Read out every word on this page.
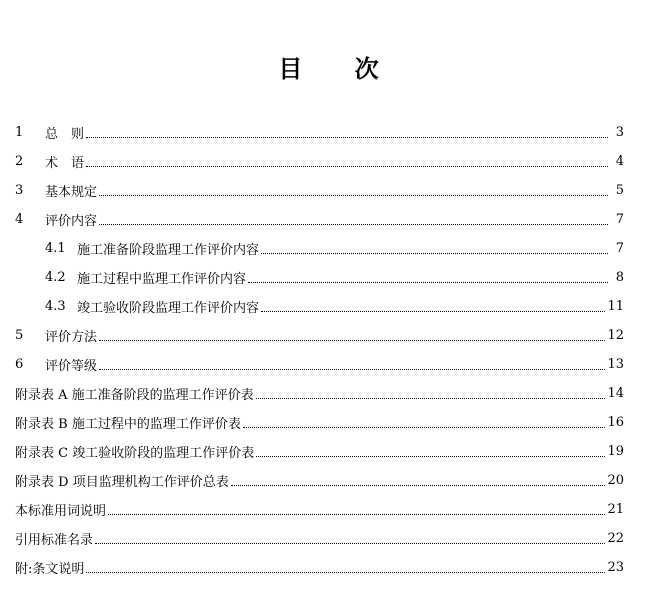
目 次
1	总　则	3
2	术　语	4
3	基本规定	5
4	评价内容	7
4.1 施工准备阶段监理工作评价内容	7
4.2 施工过程中监理工作评价内容	8
4.3 竣工验收阶段监理工作评价内容	11
5	评价方法	12
6	评价等级	13
附录表 A 施工准备阶段的监理工作评价表	14
附录表 B 施工过程中的监理工作评价表	16
附录表 C 竣工验收阶段的监理工作评价表	19
附录表 D 项目监理机构工作评价总表	20
本标准用词说明	21
引用标准名录	22
附:条文说明	23
